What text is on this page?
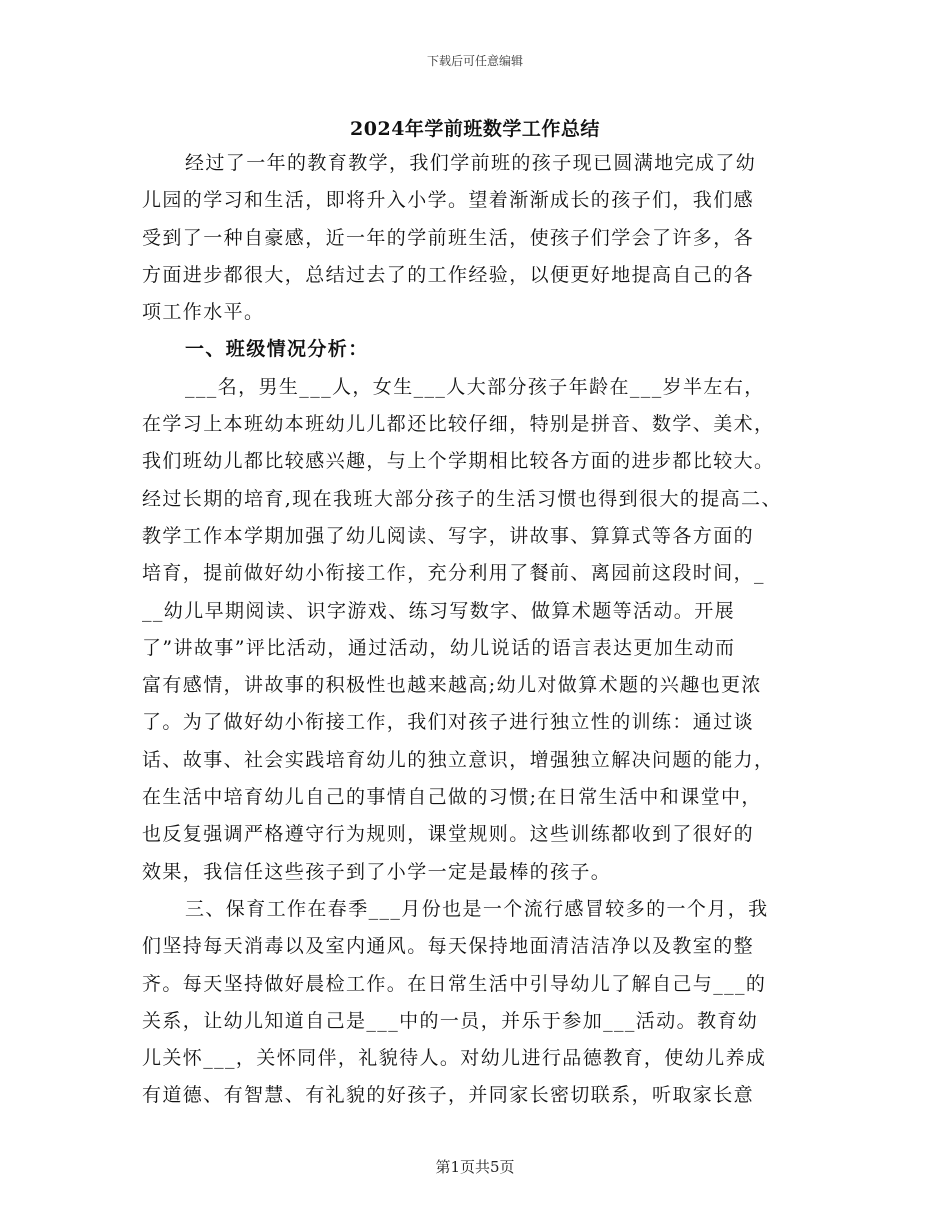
下载后可任意编辑
2024年学前班数学工作总结
经过了一年的教育教学，我们学前班的孩子现已圆满地完成了幼
儿园的学习和生活，即将升入小学。望着渐渐成长的孩子们，我们感
受到了一种自豪感，近一年的学前班生活，使孩子们学会了许多，各
方面进步都很大，总结过去了的工作经验，以便更好地提高自己的各
项工作水平。
一、班级情况分析：
___名，男生___人，女生___人大部分孩子年龄在___岁半左右，
在学习上本班幼本班幼儿儿都还比较仔细，特别是拼音、数学、美术，
我们班幼儿都比较感兴趣，与上个学期相比较各方面的进步都比较大。
经过长期的培育,现在我班大部分孩子的生活习惯也得到很大的提高二、
教学工作本学期加强了幼儿阅读、写字，讲故事、算算式等各方面的
培育，提前做好幼小衔接工作，充分利用了餐前、离园前这段时间，_
__幼儿早期阅读、识字游戏、练习写数字、做算术题等活动。开展
了”讲故事”评比活动，通过活动，幼儿说话的语言表达更加生动而
富有感情，讲故事的积极性也越来越高;幼儿对做算术题的兴趣也更浓
了。为了做好幼小衔接工作，我们对孩子进行独立性的训练：通过谈
话、故事、社会实践培育幼儿的独立意识，增强独立解决问题的能力，
在生活中培育幼儿自己的事情自己做的习惯;在日常生活中和课堂中，
也反复强调严格遵守行为规则，课堂规则。这些训练都收到了很好的
效果，我信任这些孩子到了小学一定是最棒的孩子。
三、保育工作在春季___月份也是一个流行感冒较多的一个月，我
们坚持每天消毒以及室内通风。每天保持地面清洁洁净以及教室的整
齐。每天坚持做好晨检工作。在日常生活中引导幼儿了解自己与___的
关系，让幼儿知道自己是___中的一员，并乐于参加___活动。教育幼
儿关怀___，关怀同伴，礼貌待人。对幼儿进行品德教育，使幼儿养成
有道德、有智慧、有礼貌的好孩子，并同家长密切联系，听取家长意
第1页共5页
